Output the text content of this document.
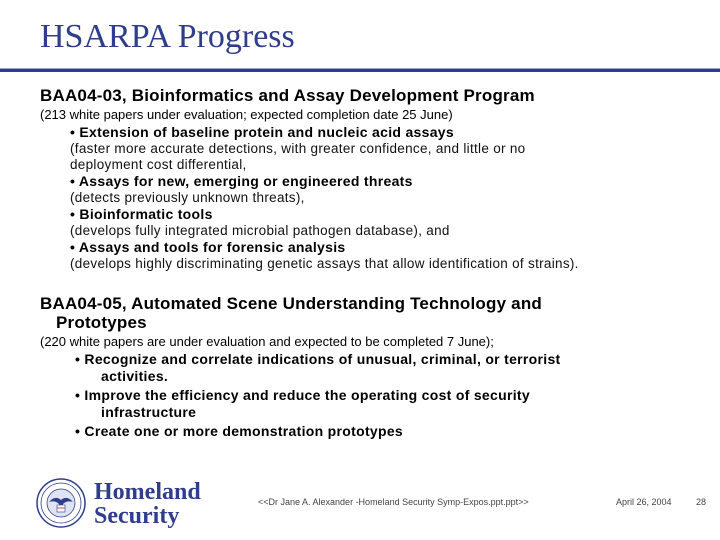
HSARPA Progress
BAA04-03, Bioinformatics and Assay Development Program
(213 white papers under evaluation; expected completion date 25 June)
• Extension of baseline protein and nucleic acid assays
(faster more accurate detections, with greater confidence, and little or no
deployment cost differential,
• Assays for new, emerging or engineered threats
(detects previously unknown threats),
• Bioinformatic tools
(develops fully integrated microbial pathogen database), and
• Assays and tools for forensic analysis
(develops highly discriminating genetic assays that allow identification of strains).
BAA04-05, Automated Scene Understanding Technology and
Prototypes
(220 white papers are under evaluation and expected to be completed 7 June);
• Recognize and correlate indications of unusual, criminal, or terrorist
activities.
• Improve the efficiency and reduce the operating cost of security
infrastructure
• Create one or more demonstration prototypes
Homeland
Security
<<Dr Jane A. Alexander -Homeland Security Symp-Expos.ppt.ppt>>	April 26, 2004	28
